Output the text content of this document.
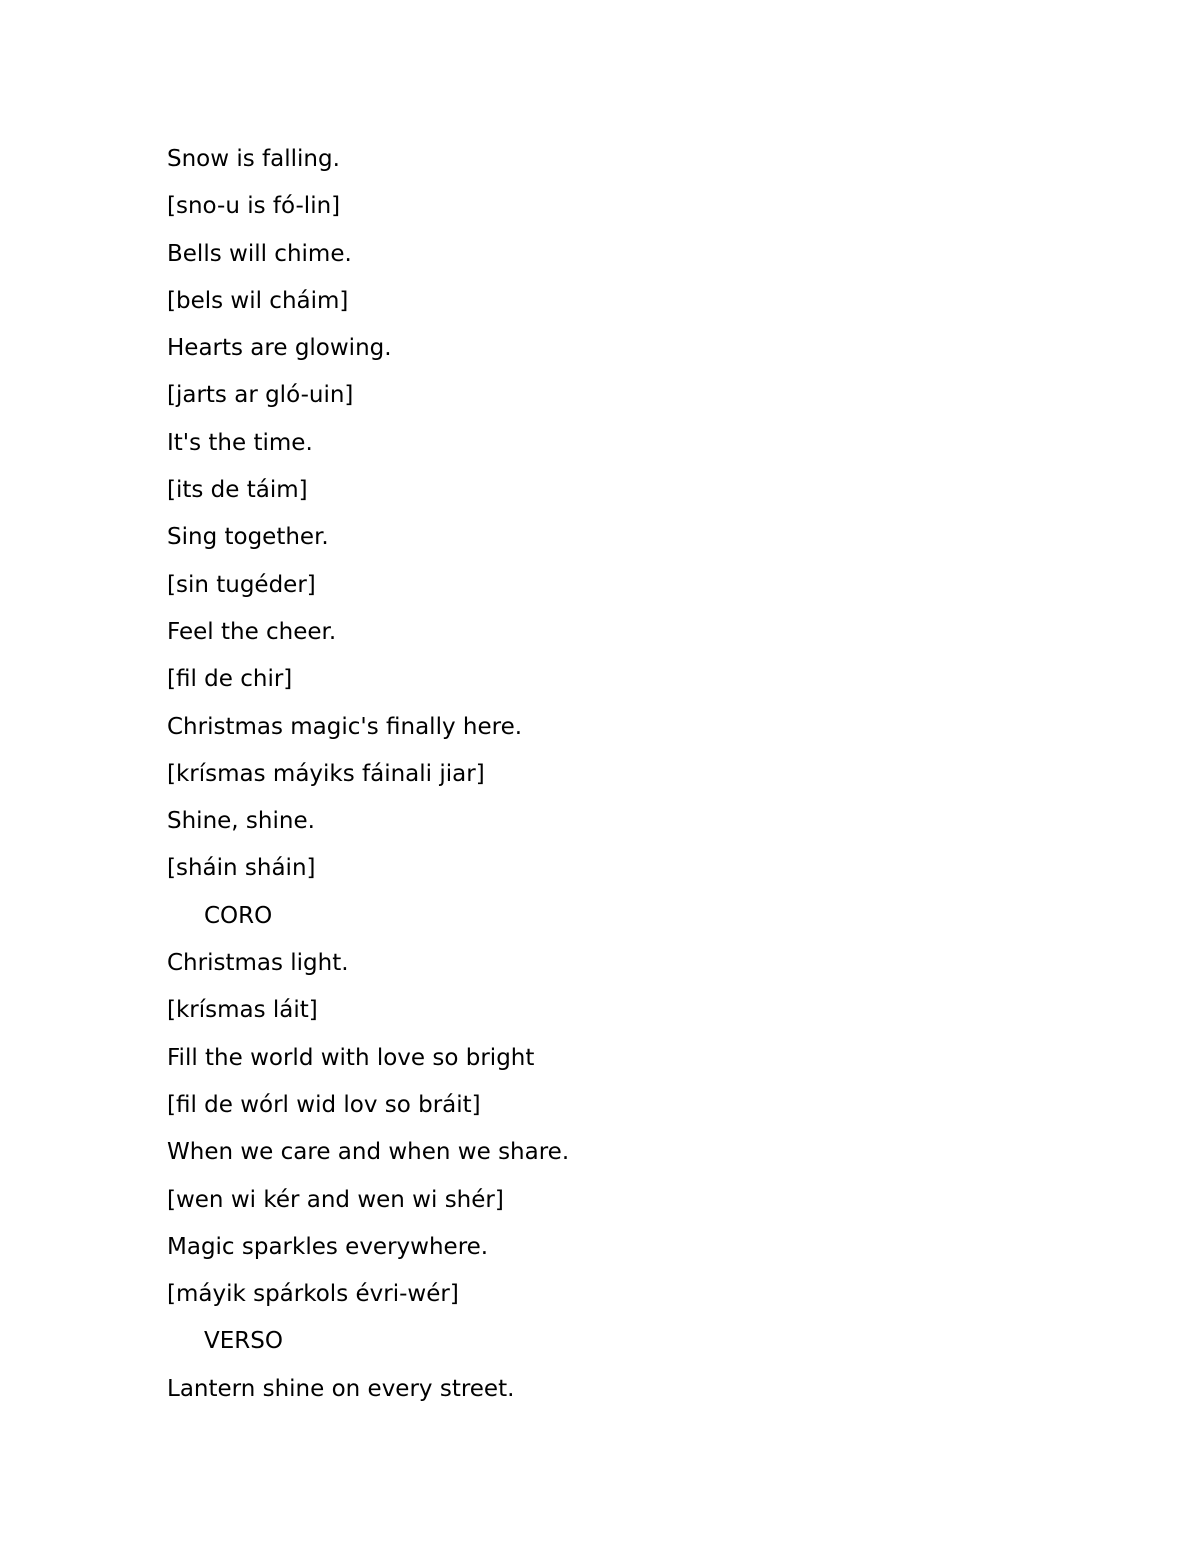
Snow is falling.
[sno-u is fó-lin]
Bells will chime.
[bels wil cháim]
Hearts are glowing.
[jarts ar gló-uin]
It's the time.
[its de táim]
Sing together.
[sin tugéder]
Feel the cheer.
[fil de chir]
Christmas magic's finally here.
[krísmas máyiks fáinali jiar]
Shine, shine.
[sháin sháin]
CORO
Christmas light.
[krísmas láit]
Fill the world with love so bright
[fil de wórl wid lov so bráit]
When we care and when we share.
[wen wi kér and wen wi shér]
Magic sparkles everywhere.
[máyik spárkols évri-wér]
VERSO
Lantern shine on every street.
